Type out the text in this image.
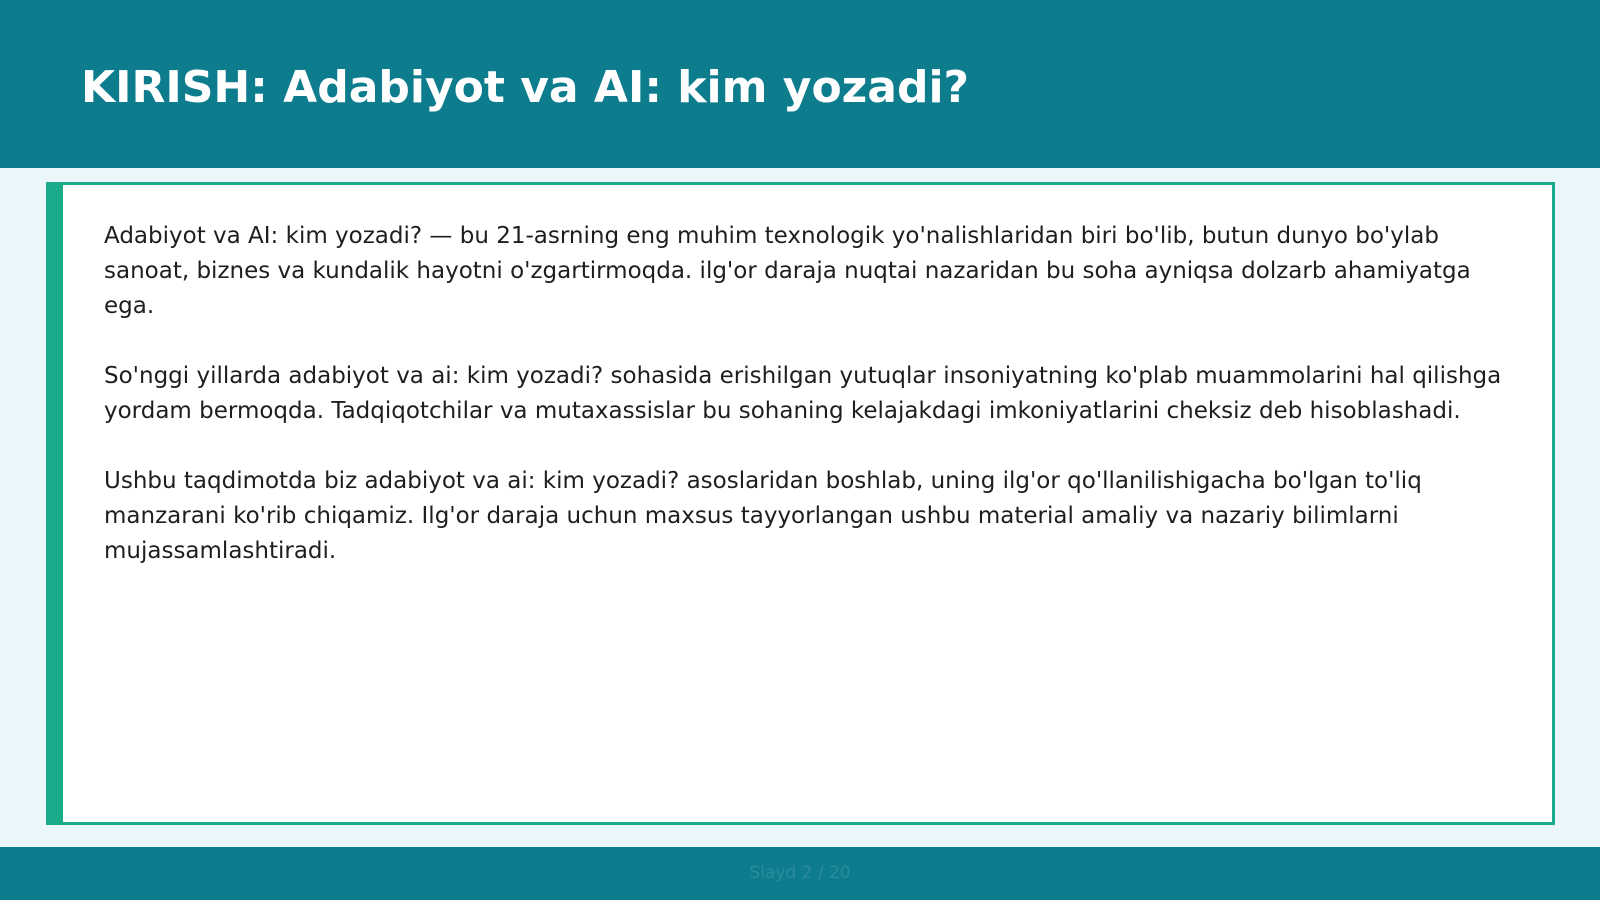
KIRISH: Adabiyot va AI: kim yozadi?

Adabiyot va AI: kim yozadi? — bu 21-asrning eng muhim texnologik yo'nalishlaridan biri bo'lib, butun dunyo bo'ylab sanoat, biznes va kundalik hayotni o'zgartirmoqda. ilg'or daraja nuqtai nazaridan bu soha ayniqsa dolzarb ahamiyatga ega.

So'nggi yillarda adabiyot va ai: kim yozadi? sohasida erishilgan yutuqlar insoniyatning ko'plab muammolarini hal qilishga yordam bermoqda. Tadqiqotchilar va mutaxassislar bu sohaning kelajakdagi imkoniyatlarini cheksiz deb hisoblashadi.

Ushbu taqdimotda biz adabiyot va ai: kim yozadi? asoslaridan boshlab, uning ilg'or qo'llanilishigacha bo'lgan to'liq manzarani ko'rib chiqamiz. Ilg'or daraja uchun maxsus tayyorlangan ushbu material amaliy va nazariy bilimlarni mujassamlashtiradi.

Slayd 2 / 20
